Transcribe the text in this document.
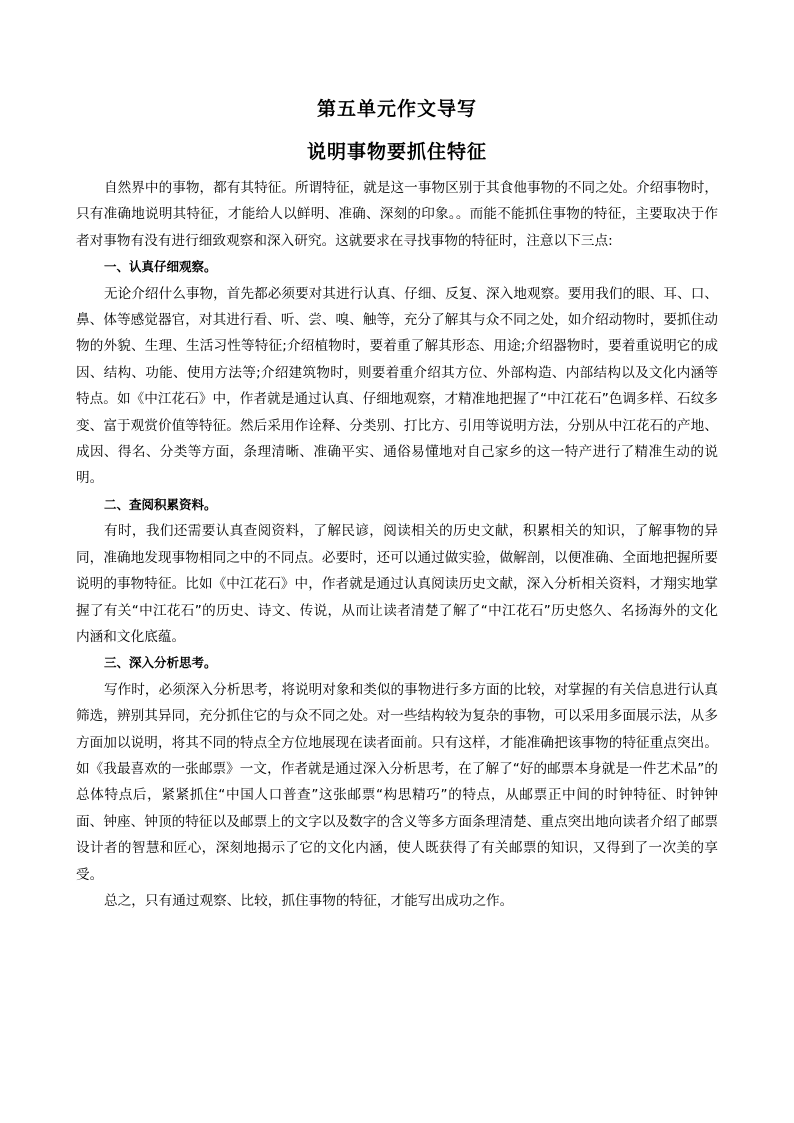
第五单元作文导写
说明事物要抓住特征

自然界中的事物，都有其特征。所谓特征，就是这一事物区别于其食他事物的不同之处。介绍事物时，只有准确地说明其特征，才能给人以鲜明、准确、深刻的印象。。而能不能抓住事物的特征，主要取决于作者对事物有没有进行细致观察和深入研究。这就要求在寻找事物的特征时，注意以下三点:

一、认真仔细观察。

无论介绍什么事物，首先都必须要对其进行认真、仔细、反复、深入地观察。要用我们的眼、耳、口、鼻、体等感觉器官，对其进行看、听、尝、嗅、触等，充分了解其与众不同之处，如介绍动物时，要抓住动物的外貌、生理、生活习性等特征;介绍植物时，要着重了解其形态、用途;介绍器物时，要着重说明它的成因、结构、功能、使用方法等;介绍建筑物时，则要着重介绍其方位、外部构造、内部结构以及文化内涵等特点。如《中江花石》中，作者就是通过认真、仔细地观察，才精准地把握了“中江花石”色调多样、石纹多变、富于观赏价值等特征。然后采用作诠释、分类别、打比方、引用等说明方法，分别从中江花石的产地、成因、得名、分类等方面，条理清晰、准确平实、通俗易懂地对自己家乡的这一特产进行了精准生动的说明。

二、查阅积累资料。

有时，我们还需要认真查阅资料，了解民谚，阅读相关的历史文献，积累相关的知识，了解事物的异同，准确地发现事物相同之中的不同点。必要时，还可以通过做实验，做解剖，以便准确、全面地把握所要说明的事物特征。比如《中江花石》中，作者就是通过认真阅读历史文献，深入分析相关资料，才翔实地掌握了有关“中江花石”的历史、诗文、传说，从而让读者清楚了解了“中江花石”历史悠久、名扬海外的文化内涵和文化底蕴。

三、深入分析思考。

写作时，必须深入分析思考，将说明对象和类似的事物进行多方面的比较，对掌握的有关信息进行认真筛选，辨别其异同，充分抓住它的与众不同之处。对一些结构较为复杂的事物，可以采用多面展示法，从多方面加以说明，将其不同的特点全方位地展现在读者面前。只有这样，才能准确把该事物的特征重点突出。如《我最喜欢的一张邮票》一文，作者就是通过深入分析思考，在了解了“好的邮票本身就是一件艺术品”的总体特点后，紧紧抓住“中国人口普查”这张邮票“构思精巧”的特点，从邮票正中间的时钟特征、时钟钟面、钟座、钟顶的特征以及邮票上的文字以及数字的含义等多方面条理清楚、重点突出地向读者介绍了邮票设计者的智慧和匠心，深刻地揭示了它的文化内涵，使人既获得了有关邮票的知识，又得到了一次美的享受。

总之，只有通过观察、比较，抓住事物的特征，才能写出成功之作。
